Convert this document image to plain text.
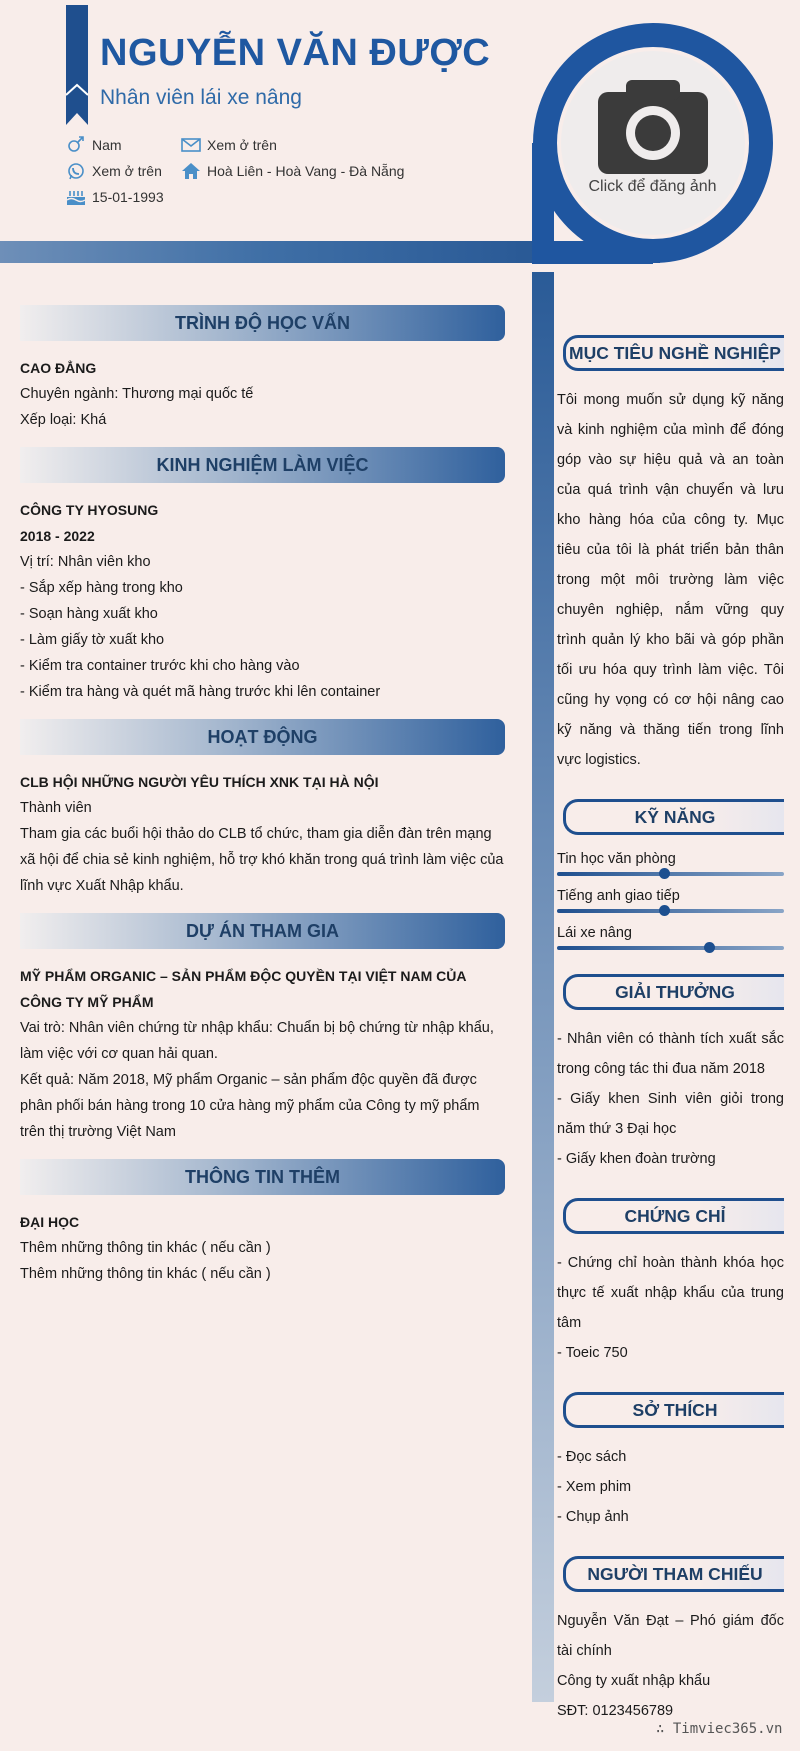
NGUYỄN VĂN ĐƯỢC
Nhân viên lái xe nâng
Nam	Xem ở trên
Xem ở trên	Hoà Liên - Hoà Vang - Đà Nẵng
15-01-1993
Click để đăng ảnh
TRÌNH ĐỘ HỌC VẤN
CAO ĐẲNG
Chuyên ngành: Thương mại quốc tế
Xếp loại: Khá
KINH NGHIỆM LÀM VIỆC
CÔNG TY HYOSUNG
2018 - 2022
Vị trí: Nhân viên kho
- Sắp xếp hàng trong kho
- Soạn hàng xuất kho
- Làm giấy tờ xuất kho
- Kiểm tra container trước khi cho hàng vào
- Kiểm tra hàng và quét mã hàng trước khi lên container
HOẠT ĐỘNG
CLB HỘI NHỮNG NGƯỜI YÊU THÍCH XNK TẠI HÀ NỘI
Thành viên
Tham gia các buổi hội thảo do CLB tổ chức, tham gia diễn đàn trên mạng xã hội để chia sẻ kinh nghiệm, hỗ trợ khó khăn trong quá trình làm việc của lĩnh vực Xuất Nhập khẩu.
DỰ ÁN THAM GIA
MỸ PHẨM ORGANIC – SẢN PHẨM ĐỘC QUYỀN TẠI VIỆT NAM CỦA CÔNG TY MỸ PHẨM
Vai trò: Nhân viên chứng từ nhập khẩu: Chuẩn bị bộ chứng từ nhập khẩu, làm việc với cơ quan hải quan.
Kết quả: Năm 2018, Mỹ phẩm Organic – sản phẩm độc quyền đã được phân phối bán hàng trong 10 cửa hàng mỹ phẩm của Công ty mỹ phẩm trên thị trường Việt Nam
THÔNG TIN THÊM
ĐẠI HỌC
Thêm những thông tin khác ( nếu cần )
Thêm những thông tin khác ( nếu cần )
MỤC TIÊU NGHỀ NGHIỆP
Tôi mong muốn sử dụng kỹ năng và kinh nghiệm của mình để đóng góp vào sự hiệu quả và an toàn của quá trình vận chuyển và lưu kho hàng hóa của công ty. Mục tiêu của tôi là phát triển bản thân trong một môi trường làm việc chuyên nghiệp, nắm vững quy trình quản lý kho bãi và góp phần tối ưu hóa quy trình làm việc. Tôi cũng hy vọng có cơ hội nâng cao kỹ năng và thăng tiến trong lĩnh vực logistics.
KỸ NĂNG
Tin học văn phòng
Tiếng anh giao tiếp
Lái xe nâng
GIẢI THƯỞNG
- Nhân viên có thành tích xuất sắc trong công tác thi đua năm 2018
- Giấy khen Sinh viên giỏi trong năm thứ 3 Đại học
- Giấy khen đoàn trường
CHỨNG CHỈ
- Chứng chỉ hoàn thành khóa học thực tế xuất nhập khẩu của trung tâm
- Toeic 750
SỞ THÍCH
- Đọc sách
- Xem phim
- Chụp ảnh
NGƯỜI THAM CHIẾU
Nguyễn Văn Đạt – Phó giám đốc tài chính
Công ty xuất nhập khẩu
SĐT: 0123456789
∴ Timviec365.vn
